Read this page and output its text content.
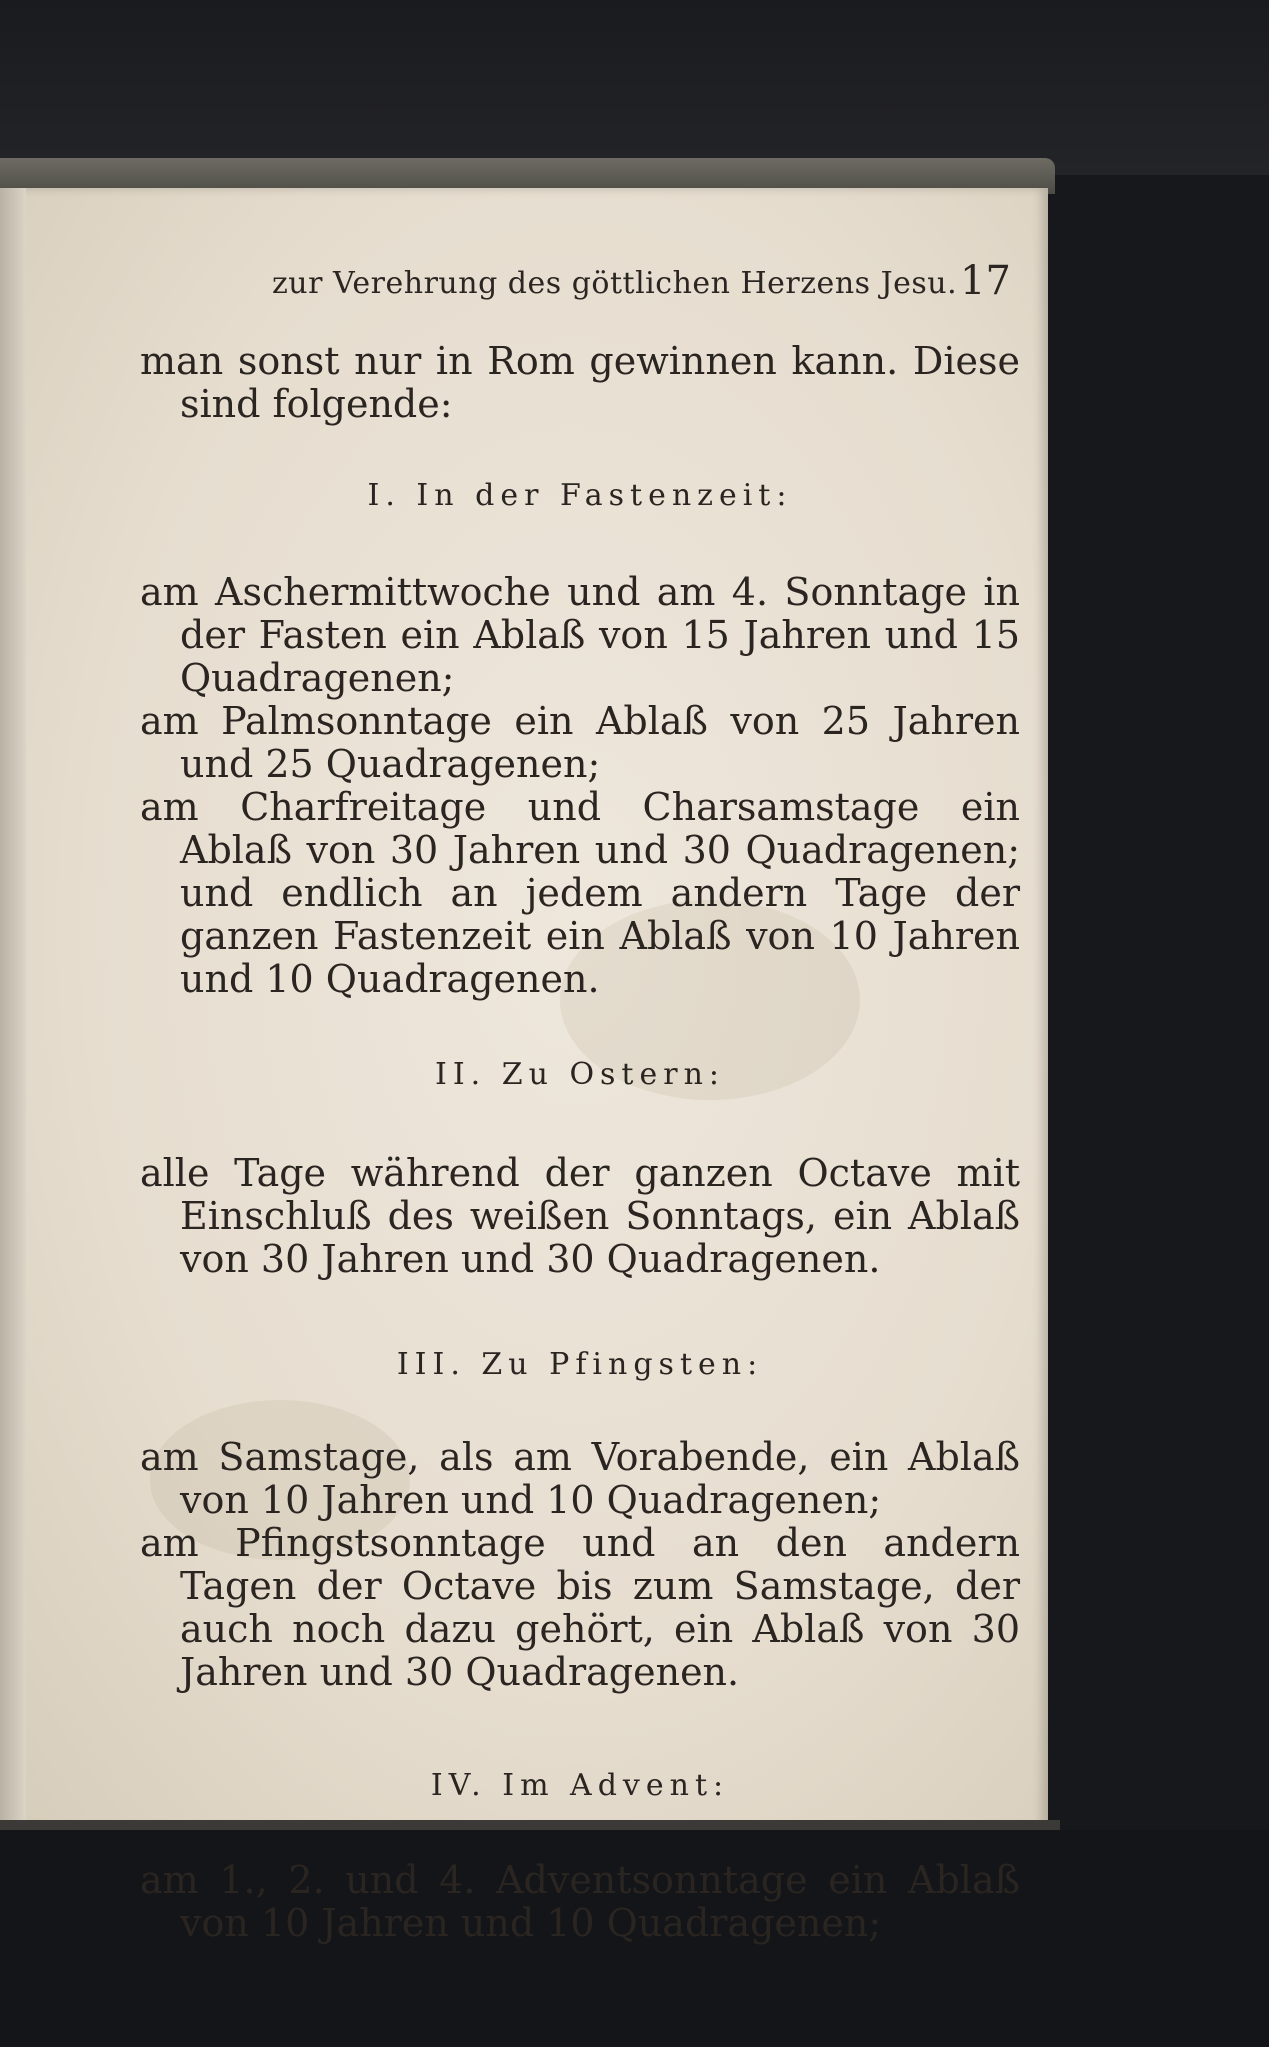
zur Verehrung des göttlichen Herzens Jesu. 17

man sonst nur in Rom gewinnen kann. Diese sind folgende:

I. In der Fastenzeit:

am Aschermittwoche und am 4. Sonntage in der Fasten ein Ablaß von 15 Jahren und 15 Quadragenen;

am Palmsonntage ein Ablaß von 25 Jahren und 25 Quadragenen;

am Charfreitage und Charsamstage ein Ablaß von 30 Jahren und 30 Quadragenen; und endlich an jedem andern Tage der ganzen Fastenzeit ein Ablaß von 10 Jahren und 10 Quadragenen.

II. Zu Ostern:

alle Tage während der ganzen Octave mit Einschluß des weißen Sonntags, ein Ablaß von 30 Jahren und 30 Quadragenen.

III. Zu Pfingsten:

am Samstage, als am Vorabende, ein Ablaß von 10 Jahren und 10 Quadragenen;

am Pfingstsonntage und an den andern Tagen der Octave bis zum Samstage, der auch noch dazu gehört, ein Ablaß von 30 Jahren und 30 Quadragenen.

IV. Im Advent:

am 1., 2. und 4. Adventsonntage ein Ablaß von 10 Jahren und 10 Quadragenen;
